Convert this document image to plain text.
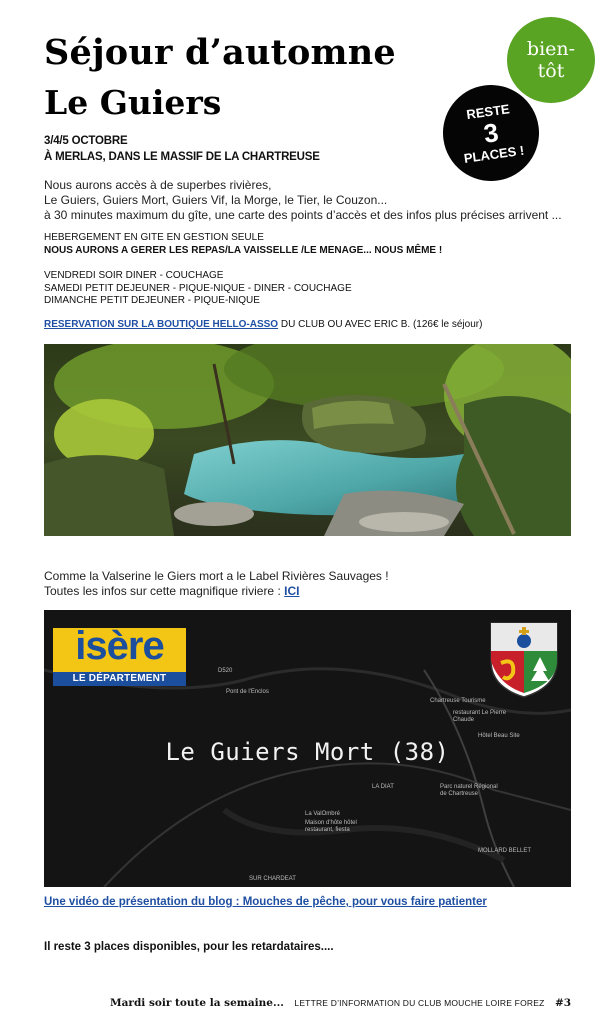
Séjour d’automne
Le Guiers
bien-
tôt
RESTE
3
PLACES !
3/4/5 OCTOBRE
À MERLAS, DANS LE MASSIF DE LA CHARTREUSE
Nous aurons accès à de superbes rivières,
Le Guiers, Guiers Mort, Guiers Vif, la Morge, le Tier, le Couzon...
à 30 minutes maximum du gîte, une carte des points d’accès et des infos plus précises arrivent ...
HEBERGEMENT EN GITE EN GESTION SEULE
NOUS AURONS A GERER LES REPAS/LA VAISSELLE /LE MENAGE... NOUS MÊME !
VENDREDI SOIR DINER - COUCHAGE
SAMEDI PETIT DEJEUNER - PIQUE-NIQUE - DINER - COUCHAGE
DIMANCHE PETIT DEJEUNER - PIQUE-NIQUE
RESERVATION SUR LA BOUTIQUE HELLO-ASSO DU CLUB OU AVEC ERIC B. (126€ le séjour)
Comme la Valserine le Giers mort a le Label Rivières Sauvages !
Toutes les infos sur cette magnifique riviere : ICI
isère
LE DÉPARTEMENT
Le Guiers Mort (38)
D520
Pont de l'Enclos
Chartreuse Tourisme
restaurant Le Pierre Chaude
Hôtel Beau Site
LA DIAT	Parc naturel Régional de Chartreuse
La ValOmbré
Maison d'hôte hôtel restaurant, fiesta
MOLLARD BELLET
SUR CHARDEAT
Une vidéo de présentation du blog : Mouches de pêche, pour vous faire patienter
Il reste 3 places disponibles, pour les retardataires....
Mardi soir toute la semaine... LETTRE D’INFORMATION DU CLUB MOUCHE LOIRE FOREZ #3
